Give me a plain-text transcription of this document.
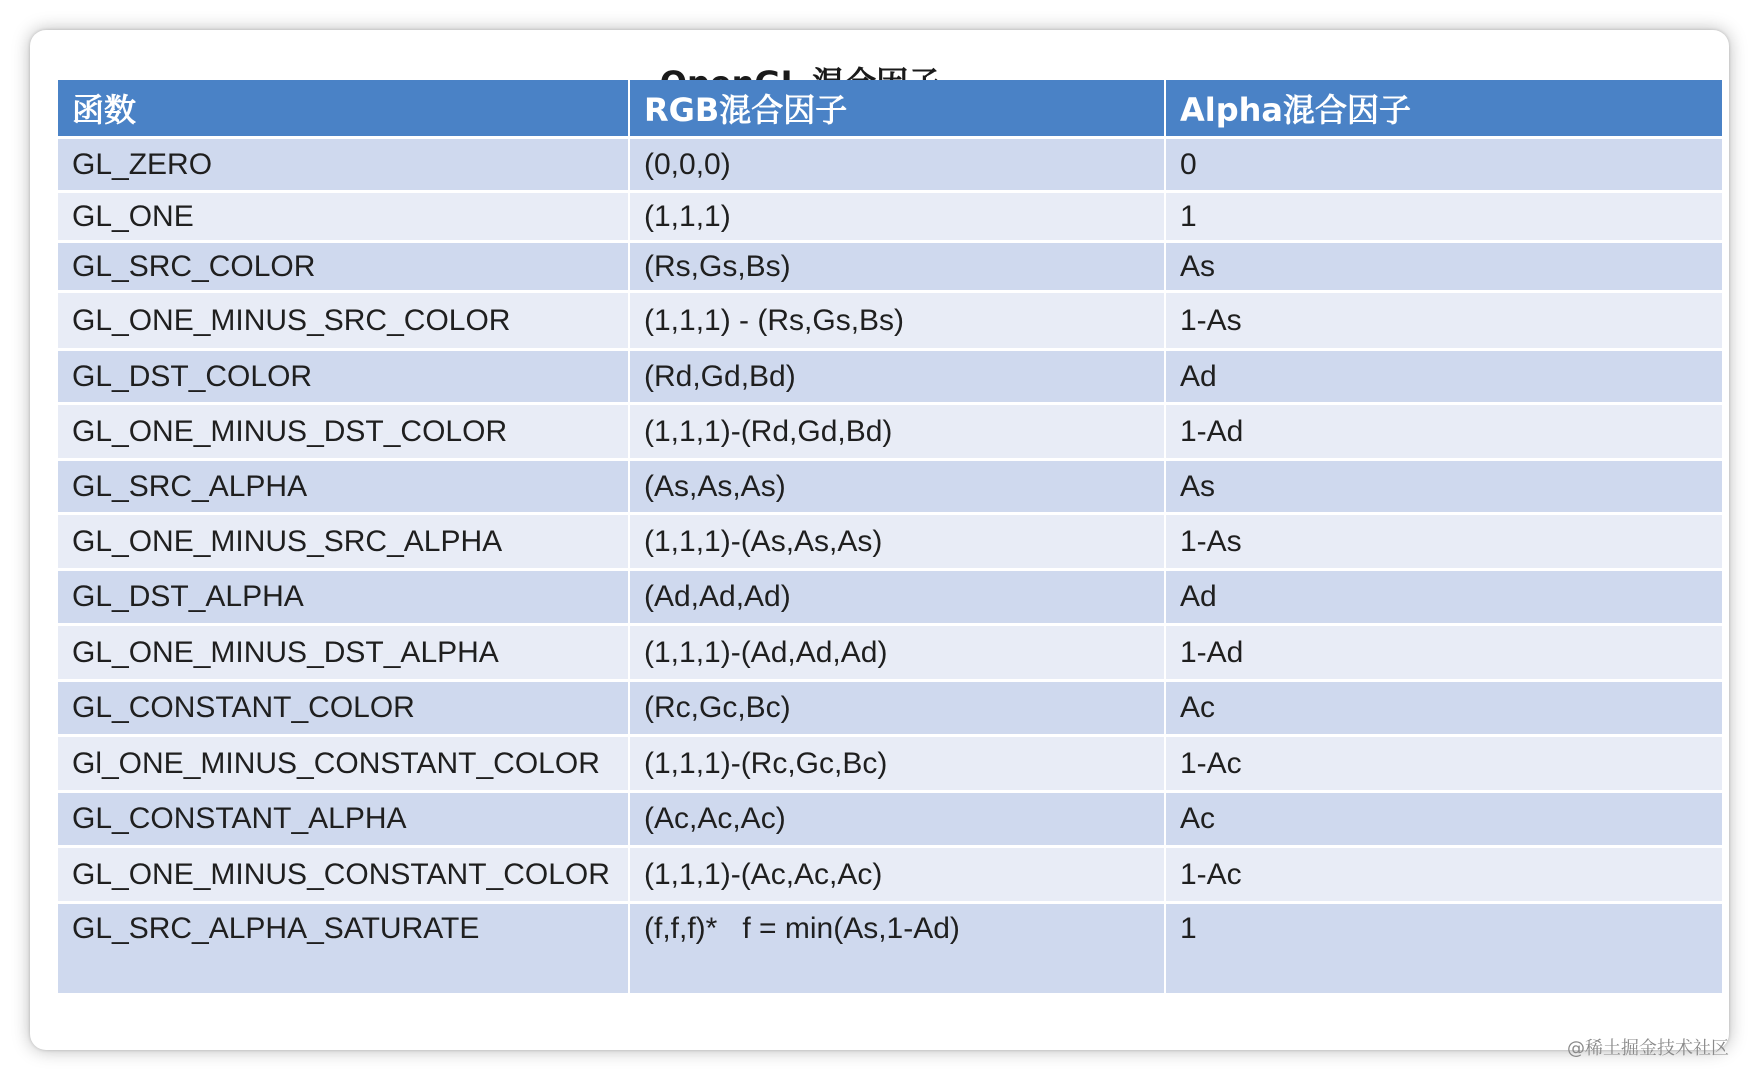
函数	RGB混合因子	Alpha混合因子
GL_ZERO	(0,0,0)	0
GL_ONE	(1,1,1)	1
GL_SRC_COLOR	(Rs,Gs,Bs)	As
GL_ONE_MINUS_SRC_COLOR	(1,1,1) - (Rs,Gs,Bs)	1-As
GL_DST_COLOR	(Rd,Gd,Bd)	Ad
GL_ONE_MINUS_DST_COLOR	(1,1,1)-(Rd,Gd,Bd)	1-Ad
GL_SRC_ALPHA	(As,As,As)	As
GL_ONE_MINUS_SRC_ALPHA	(1,1,1)-(As,As,As)	1-As
GL_DST_ALPHA	(Ad,Ad,Ad)	Ad
GL_ONE_MINUS_DST_ALPHA	(1,1,1)-(Ad,Ad,Ad)	1-Ad
GL_CONSTANT_COLOR	(Rc,Gc,Bc)	Ac
Gl_ONE_MINUS_CONSTANT_COLOR	(1,1,1)-(Rc,Gc,Bc)	1-Ac
GL_CONSTANT_ALPHA	(Ac,Ac,Ac)	Ac
GL_ONE_MINUS_CONSTANT_COLOR	(1,1,1)-(Ac,Ac,Ac)	1-Ac
GL_SRC_ALPHA_SATURATE	(f,f,f)*   f = min(As,1-Ad)	1
@稀土掘金技术社区
